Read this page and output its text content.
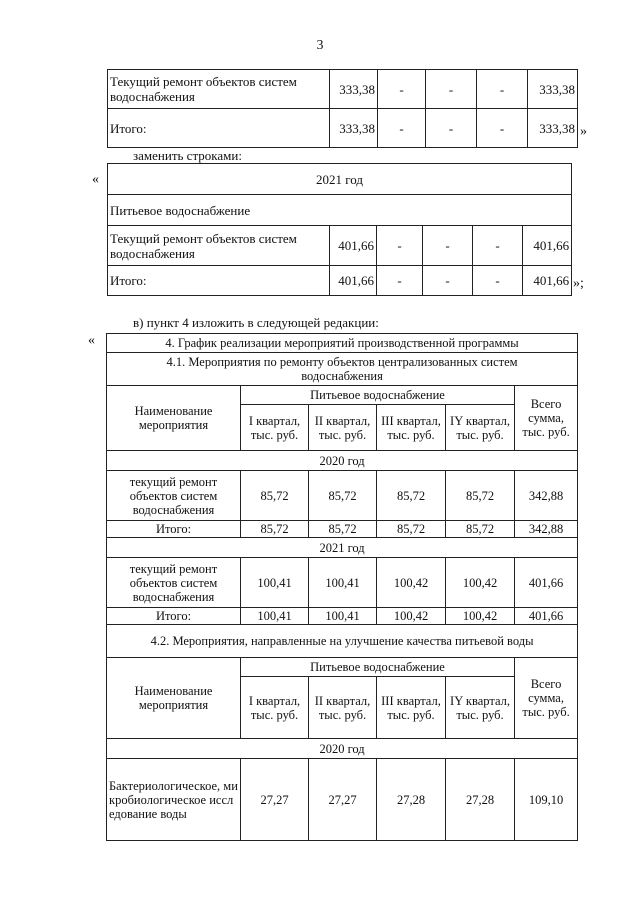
3
Текущий ремонт объектов систем водоснабжения	333,38	-	-	-	333,38
Итого:	333,38	-	-	-	333,38 »
заменить строками:
«	2021 год					
Питьевое водоснабжение					
Текущий ремонт объектов систем водоснабжения	401,66	-	-	-	401,66
Итого:	401,66	-	-	-	401,66 »;
в) пункт 4 изложить в следующей редакции:
«	4. График реализации мероприятий производственной программы					
4.1. Мероприятия по ремонту объектов централизованных систем водоснабжения					
Наименование мероприятия	Питьевое водоснабжение				Всего сумма, тыс. руб.
	I квартал, тыс. руб.	II квартал, тыс. руб.	III квартал, тыс. руб.	IY квартал, тыс. руб.	
2020 год					
текущий ремонт объектов систем водоснабжения	85,72	85,72	85,72	85,72	342,88
Итого:	85,72	85,72	85,72	85,72	342,88
2021 год					
текущий ремонт объектов систем водоснабжения	100,41	100,41	100,42	100,42	401,66
Итого:	100,41	100,41	100,42	100,42	401,66
4.2. Мероприятия, направленные на улучшение качества питьевой воды					
Наименование мероприятия	Питьевое водоснабжение				Всего сумма, тыс. руб.
	I квартал, тыс. руб.	II квартал, тыс. руб.	III квартал, тыс. руб.	IY квартал, тыс. руб.	
2020 год					
Бактериологическое, микробиологическое исследование воды	27,27	27,27	27,28	27,28	109,10
